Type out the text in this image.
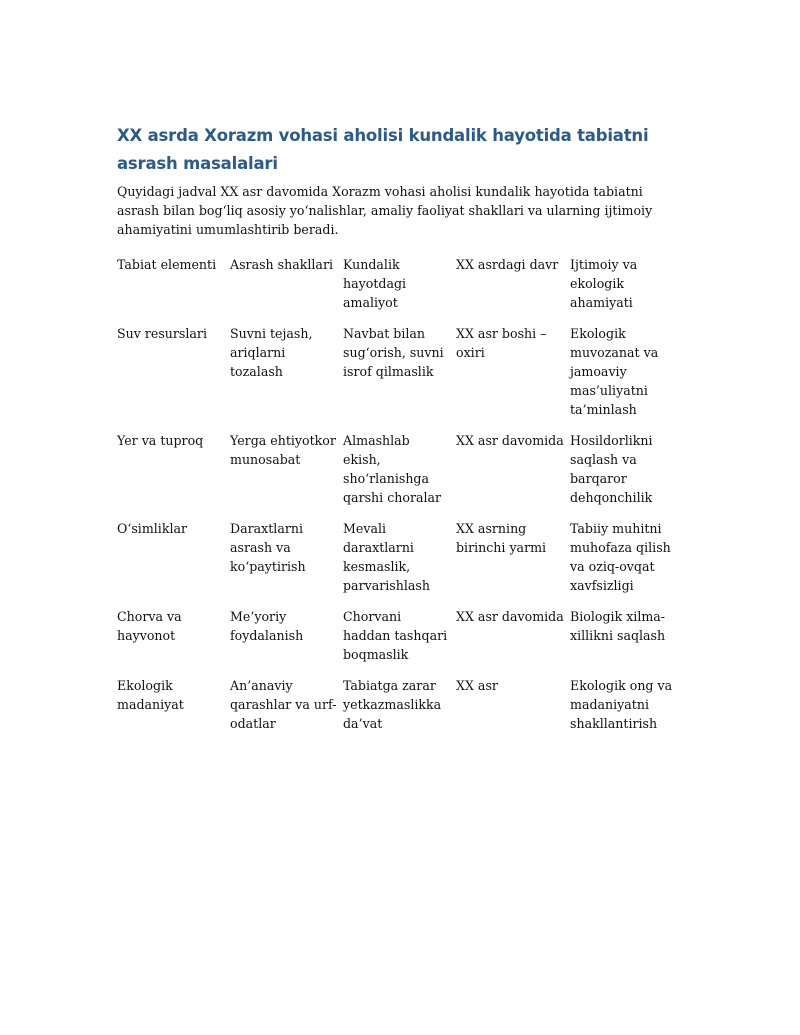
XX asrda Xorazm vohasi aholisi kundalik hayotida tabiatni asrash masalalari

Quyidagi jadval XX asr davomida Xorazm vohasi aholisi kundalik hayotida tabiatni asrash bilan bog‘liq asosiy yo‘nalishlar, amaliy faoliyat shakllari va ularning ijtimoiy ahamiyatini umumlashtirib beradi.

Tabiat elementi	Asrash shakllari	Kundalik hayotdagi amaliyot	XX asrdagi davr	Ijtimoiy va ekologik ahamiyati
Suv resurslari	Suvni tejash, ariqlarni tozalash	Navbat bilan sug‘orish, suvni isrof qilmaslik	XX asr boshi – oxiri	Ekologik muvozanat va jamoaviy mas’uliyatni ta’minlash
Yer va tuproq	Yerga ehtiyotkor munosabat	Almashlab ekish, sho‘rlanishga qarshi choralar	XX asr davomida	Hosildorlikni saqlash va barqaror dehqonchilik
O‘simliklar	Daraxtlarni asrash va ko‘paytirish	Mevali daraxtlarni kesmaslik, parvarishlash	XX asrning birinchi yarmi	Tabiiy muhitni muhofaza qilish va oziq-ovqat xavfsizligi
Chorva va hayvonot	Me’yoriy foydalanish	Chorvani haddan tashqari boqmaslik	XX asr davomida	Biologik xilma-xillikni saqlash
Ekologik madaniyat	An’anaviy qarashlar va urf-odatlar	Tabiatga zarar yetkazmaslikka da’vat	XX asr	Ekologik ong va madaniyatni shakllantirish
